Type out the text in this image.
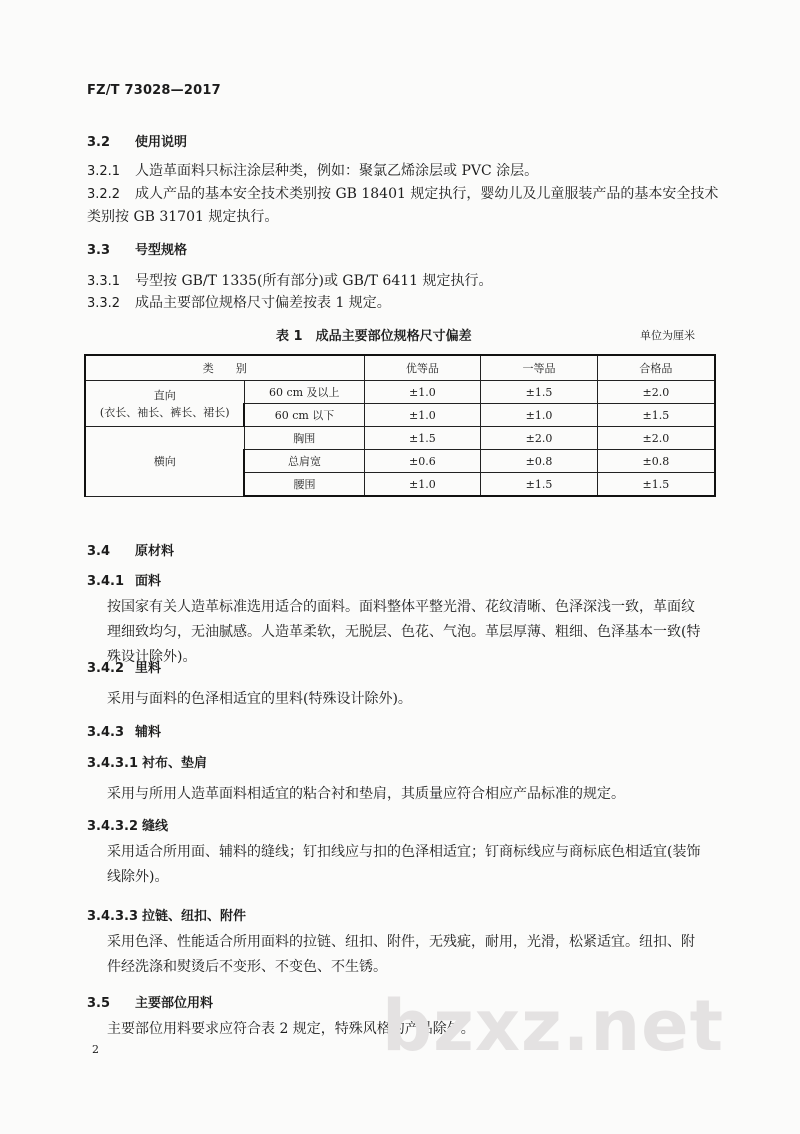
FZ/T 73028—2017
3.2 使用说明
3.2.1 人造革面料只标注涂层种类，例如：聚氯乙烯涂层或 PVC 涂层。
3.2.2 成人产品的基本安全技术类别按 GB 18401 规定执行，婴幼儿及儿童服装产品的基本安全技术
类别按 GB 31701 规定执行。
3.3 号型规格
3.3.1 号型按 GB/T 1335(所有部分)或 GB/T 6411 规定执行。
3.3.2 成品主要部位规格尺寸偏差按表 1 规定。
表 1　成品主要部位规格尺寸偏差	单位为厘米
类　　别		优等品	一等品	合格品

直向
(衣长、袖长、裤长、裙长)	60 cm 及以上	±1.0	±1.5	±2.0
	60 cm 以下	±1.0	±1.0	±1.5
横向	胸围	±1.5	±2.0	±2.0
	总肩宽	±0.6	±0.8	±0.8
	腰围	±1.0	±1.5	±1.5
3.4 原材料
3.4.1 面料
按国家有关人造革标准选用适合的面料。面料整体平整光滑、花纹清晰、色泽深浅一致，革面纹理细致均匀，无油腻感。人造革柔软，无脱层、色花、气泡。革层厚薄、粗细、色泽基本一致(特殊设计除外)。
3.4.2 里料
采用与面料的色泽相适宜的里料(特殊设计除外)。
3.4.3 辅料
3.4.3.1 衬布、垫肩
采用与所用人造革面料相适宜的粘合衬和垫肩，其质量应符合相应产品标准的规定。
3.4.3.2 缝线
采用适合所用面、辅料的缝线；钉扣线应与扣的色泽相适宜；钉商标线应与商标底色相适宜(装饰线除外)。
3.4.3.3 拉链、纽扣、附件
采用色泽、性能适合所用面料的拉链、纽扣、附件，无残疵，耐用，光滑，松紧适宜。纽扣、附件经洗涤和熨烫后不变形、不变色、不生锈。
3.5 主要部位用料
主要部位用料要求应符合表 2 规定，特殊风格的产品除外。
bzxz.net
2
